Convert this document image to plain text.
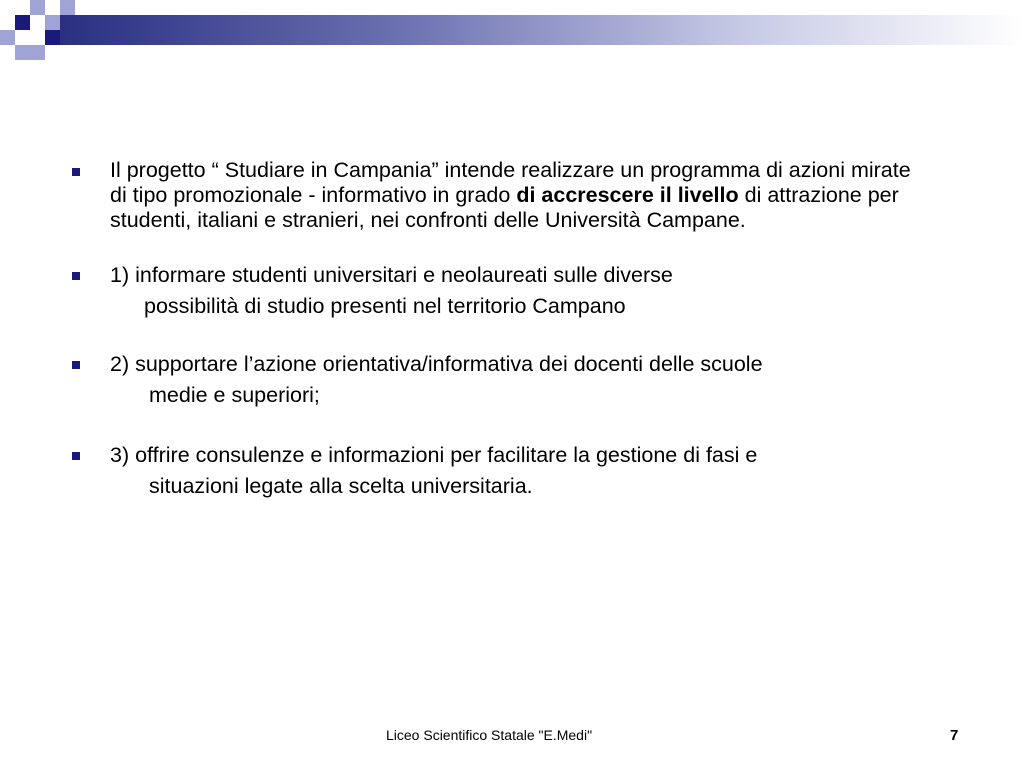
Il progetto “ Studiare in Campania” intende realizzare un programma di azioni mirate di tipo promozionale - informativo in grado di accrescere il livello di attrazione per studenti, italiani e stranieri, nei confronti delle Università Campane.

1) informare studenti universitari e neolaureati sulle diverse
possibilità di studio presenti nel territorio Campano
2) supportare l’azione orientativa/informativa dei docenti delle scuole
medie e superiori;
3) offrire consulenze e informazioni per facilitare la gestione di fasi e
situazioni legate alla scelta universitaria.
Liceo Scientifico Statale "E.Medi"	7
